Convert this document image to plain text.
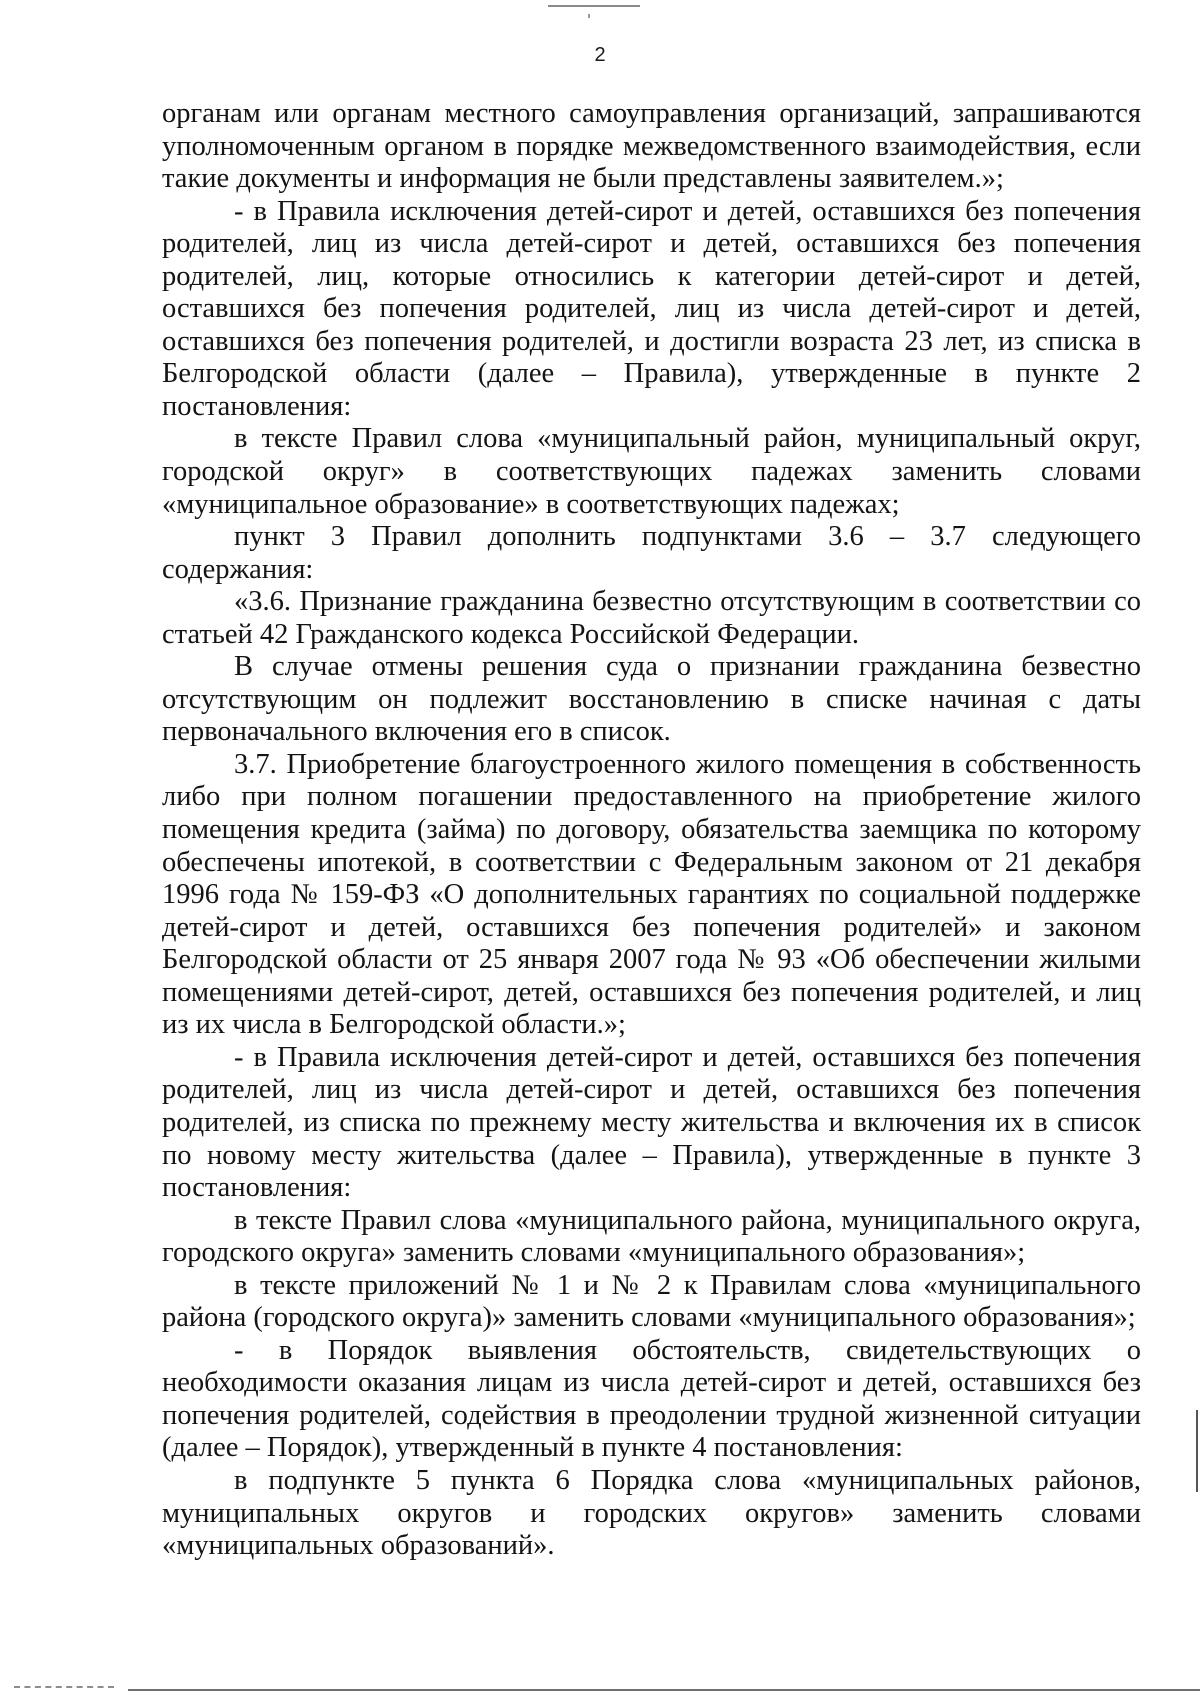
2

органам или органам местного самоуправления организаций, запрашиваются уполномоченным органом в порядке межведомственного взаимодействия, если такие документы и информация не были представлены заявителем.»;

- в Правила исключения детей-сирот и детей, оставшихся без попечения родителей, лиц из числа детей-сирот и детей, оставшихся без попечения родителей, лиц, которые относились к категории детей-сирот и детей, оставшихся без попечения родителей, лиц из числа детей-сирот и детей, оставшихся без попечения родителей, и достигли возраста 23 лет, из списка в Белгородской области (далее – Правила), утвержденные в пункте 2 постановления:

в тексте Правил слова «муниципальный район, муниципальный округ, городской округ» в соответствующих падежах заменить словами «муниципальное образование» в соответствующих падежах;

пункт 3 Правил дополнить подпунктами 3.6 – 3.7 следующего содержания:

«3.6. Признание гражданина безвестно отсутствующим в соответствии со статьей 42 Гражданского кодекса Российской Федерации.

В случае отмены решения суда о признании гражданина безвестно отсутствующим он подлежит восстановлению в списке начиная с даты первоначального включения его в список.

3.7. Приобретение благоустроенного жилого помещения в собственность либо при полном погашении предоставленного на приобретение жилого помещения кредита (займа) по договору, обязательства заемщика по которому обеспечены ипотекой, в соответствии с Федеральным законом от 21 декабря 1996 года № 159-ФЗ «О дополнительных гарантиях по социальной поддержке детей-сирот и детей, оставшихся без попечения родителей» и законом Белгородской области от 25 января 2007 года № 93 «Об обеспечении жилыми помещениями детей-сирот, детей, оставшихся без попечения родителей, и лиц из их числа в Белгородской области.»;

- в Правила исключения детей-сирот и детей, оставшихся без попечения родителей, лиц из числа детей-сирот и детей, оставшихся без попечения родителей, из списка по прежнему месту жительства и включения их в список по новому месту жительства (далее – Правила), утвержденные в пункте 3 постановления:

в тексте Правил слова «муниципального района, муниципального округа, городского округа» заменить словами «муниципального образования»;

в тексте приложений № 1 и № 2 к Правилам слова «муниципального района (городского округа)» заменить словами «муниципального образования»;

- в Порядок выявления обстоятельств, свидетельствующих о необходимости оказания лицам из числа детей-сирот и детей, оставшихся без попечения родителей, содействия в преодолении трудной жизненной ситуации (далее – Порядок), утвержденный в пункте 4 постановления:

в подпункте 5 пункта 6 Порядка слова «муниципальных районов, муниципальных округов и городских округов» заменить словами «муниципальных образований».
